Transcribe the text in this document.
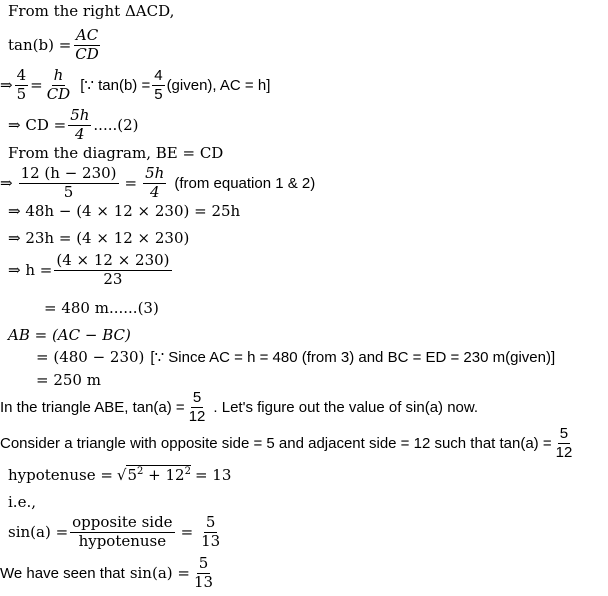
From the right ΔACD,
$\tan(b) = \frac{AC}{CD}$
⇒ $\frac{4}{5} = \frac{h}{CD}$ [∵ $\tan(b) = \frac{4}{5}$ (given), AC = h]
⇒ CD = $\frac{5h}{4} .....(2)$
From the diagram, BE = CD
⇒ $\frac{12 (h - 230)}{5} = \frac{5h}{4}$ (from equation 1 & 2)
⇒ 48h − (4 × 12 × 230) = 25h
⇒ 23h = (4 × 12 × 230)
⇒ $h = \frac{(4 \times 12 \times 230)}{23}$
= 480 m......(3)
AB = (AC − BC)
= (480 − 230) [∵ Since AC = h = 480 (from 3) and BC = ED = 230 m(given)]
= 250 m
In the triangle ABE, $\tan(a) = \frac{5}{12}$ . Let's figure out the value of sin(a) now.
Consider a triangle with opposite side = 5 and adjacent side = 12 such that $\tan(a) = \frac{5}{12}$
hypotenuse = √ $5^2 + 12^2 = 13$
i.e.,
$\sin(a) = \frac{\text{opposite side}}{\text{hypotenuse}} = \frac{5}{13}$
We have seen that $\sin(a) = \frac{5}{13}$
